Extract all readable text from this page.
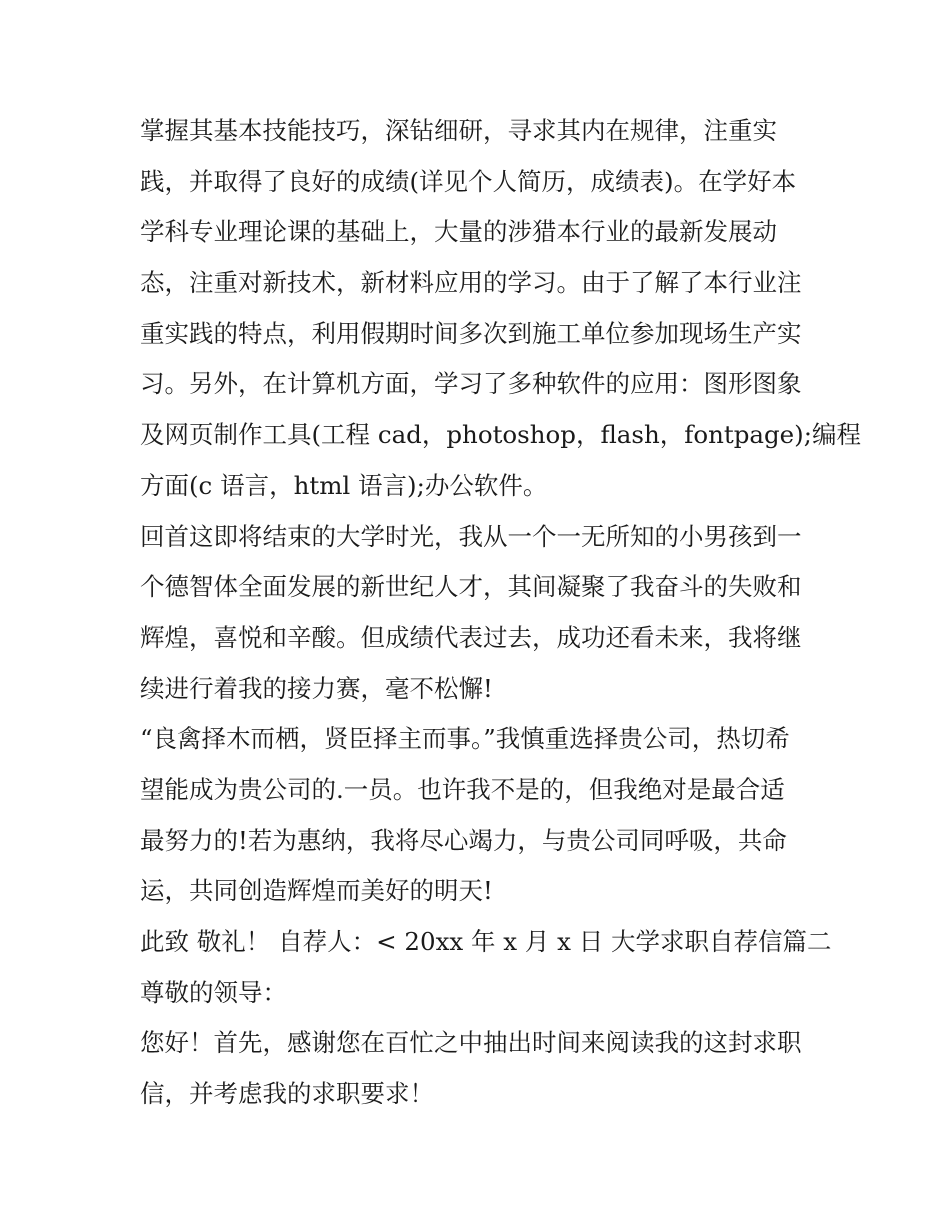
掌握其基本技能技巧，深钻细研，寻求其内在规律，注重实
践，并取得了良好的成绩(详见个人简历，成绩表)。在学好本
学科专业理论课的基础上，大量的涉猎本行业的最新发展动
态，注重对新技术，新材料应用的学习。由于了解了本行业注
重实践的特点，利用假期时间多次到施工单位参加现场生产实
习。另外，在计算机方面，学习了多种软件的应用：图形图象
及网页制作工具(工程 cad，photoshop，flash，fontpage);编程
方面(c 语言，html 语言);办公软件。
回首这即将结束的大学时光，我从一个一无所知的小男孩到一
个德智体全面发展的新世纪人才，其间凝聚了我奋斗的失败和
辉煌，喜悦和辛酸。但成绩代表过去，成功还看未来，我将继
续进行着我的接力赛，毫不松懈!
“良禽择木而栖，贤臣择主而事。”我慎重选择贵公司，热切希
望能成为贵公司的.一员。也许我不是的，但我绝对是最合适
最努力的!若为惠纳，我将尽心竭力，与贵公司同呼吸，共命
运，共同创造辉煌而美好的明天!
此致 敬礼！ 自荐人：< 20xx 年 x 月 x 日 大学求职自荐信篇二
尊敬的领导：
您好！首先，感谢您在百忙之中抽出时间来阅读我的这封求职
信，并考虑我的求职要求！
